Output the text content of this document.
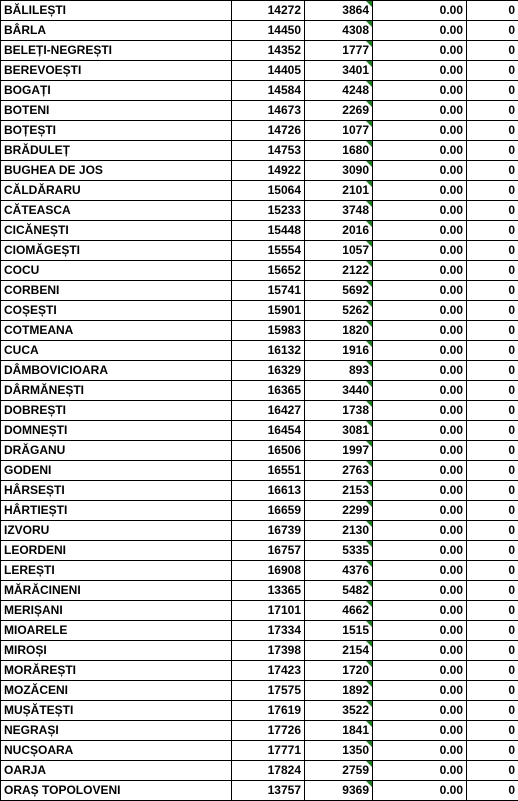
BĂLILEȘTI	14272	3864	0.00	0
BÂRLA	14450	4308	0.00	0
BELEȚI-NEGREȘTI	14352	1777	0.00	0
BEREVOEȘTI	14405	3401	0.00	0
BOGAȚI	14584	4248	0.00	0
BOTENI	14673	2269	0.00	0
BOȚEȘTI	14726	1077	0.00	0
BRĂDULEȚ	14753	1680	0.00	0
BUGHEA DE JOS	14922	3090	0.00	0
CĂLDĂRARU	15064	2101	0.00	0
CĂTEASCA	15233	3748	0.00	0
CICĂNEȘTI	15448	2016	0.00	0
CIOMĂGEȘTI	15554	1057	0.00	0
COCU	15652	2122	0.00	0
CORBENI	15741	5692	0.00	0
COȘEȘTI	15901	5262	0.00	0
COTMEANA	15983	1820	0.00	0
CUCA	16132	1916	0.00	0
DÂMBOVICIOARA	16329	893	0.00	0
DÂRMĂNEȘTI	16365	3440	0.00	0
DOBREȘTI	16427	1738	0.00	0
DOMNEȘTI	16454	3081	0.00	0
DRĂGANU	16506	1997	0.00	0
GODENI	16551	2763	0.00	0
HÂRSEȘTI	16613	2153	0.00	0
HÂRTIEȘTI	16659	2299	0.00	0
IZVORU	16739	2130	0.00	0
LEORDENI	16757	5335	0.00	0
LEREȘTI	16908	4376	0.00	0
MĂRĂCINENI	13365	5482	0.00	0
MERIȘANI	17101	4662	0.00	0
MIOARELE	17334	1515	0.00	0
MIROȘI	17398	2154	0.00	0
MORĂREȘTI	17423	1720	0.00	0
MOZĂCENI	17575	1892	0.00	0
MUȘĂTEȘTI	17619	3522	0.00	0
NEGRAȘI	17726	1841	0.00	0
NUCȘOARA	17771	1350	0.00	0
OARJA	17824	2759	0.00	0
ORAȘ TOPOLOVENI	13757	9369	0.00	0
